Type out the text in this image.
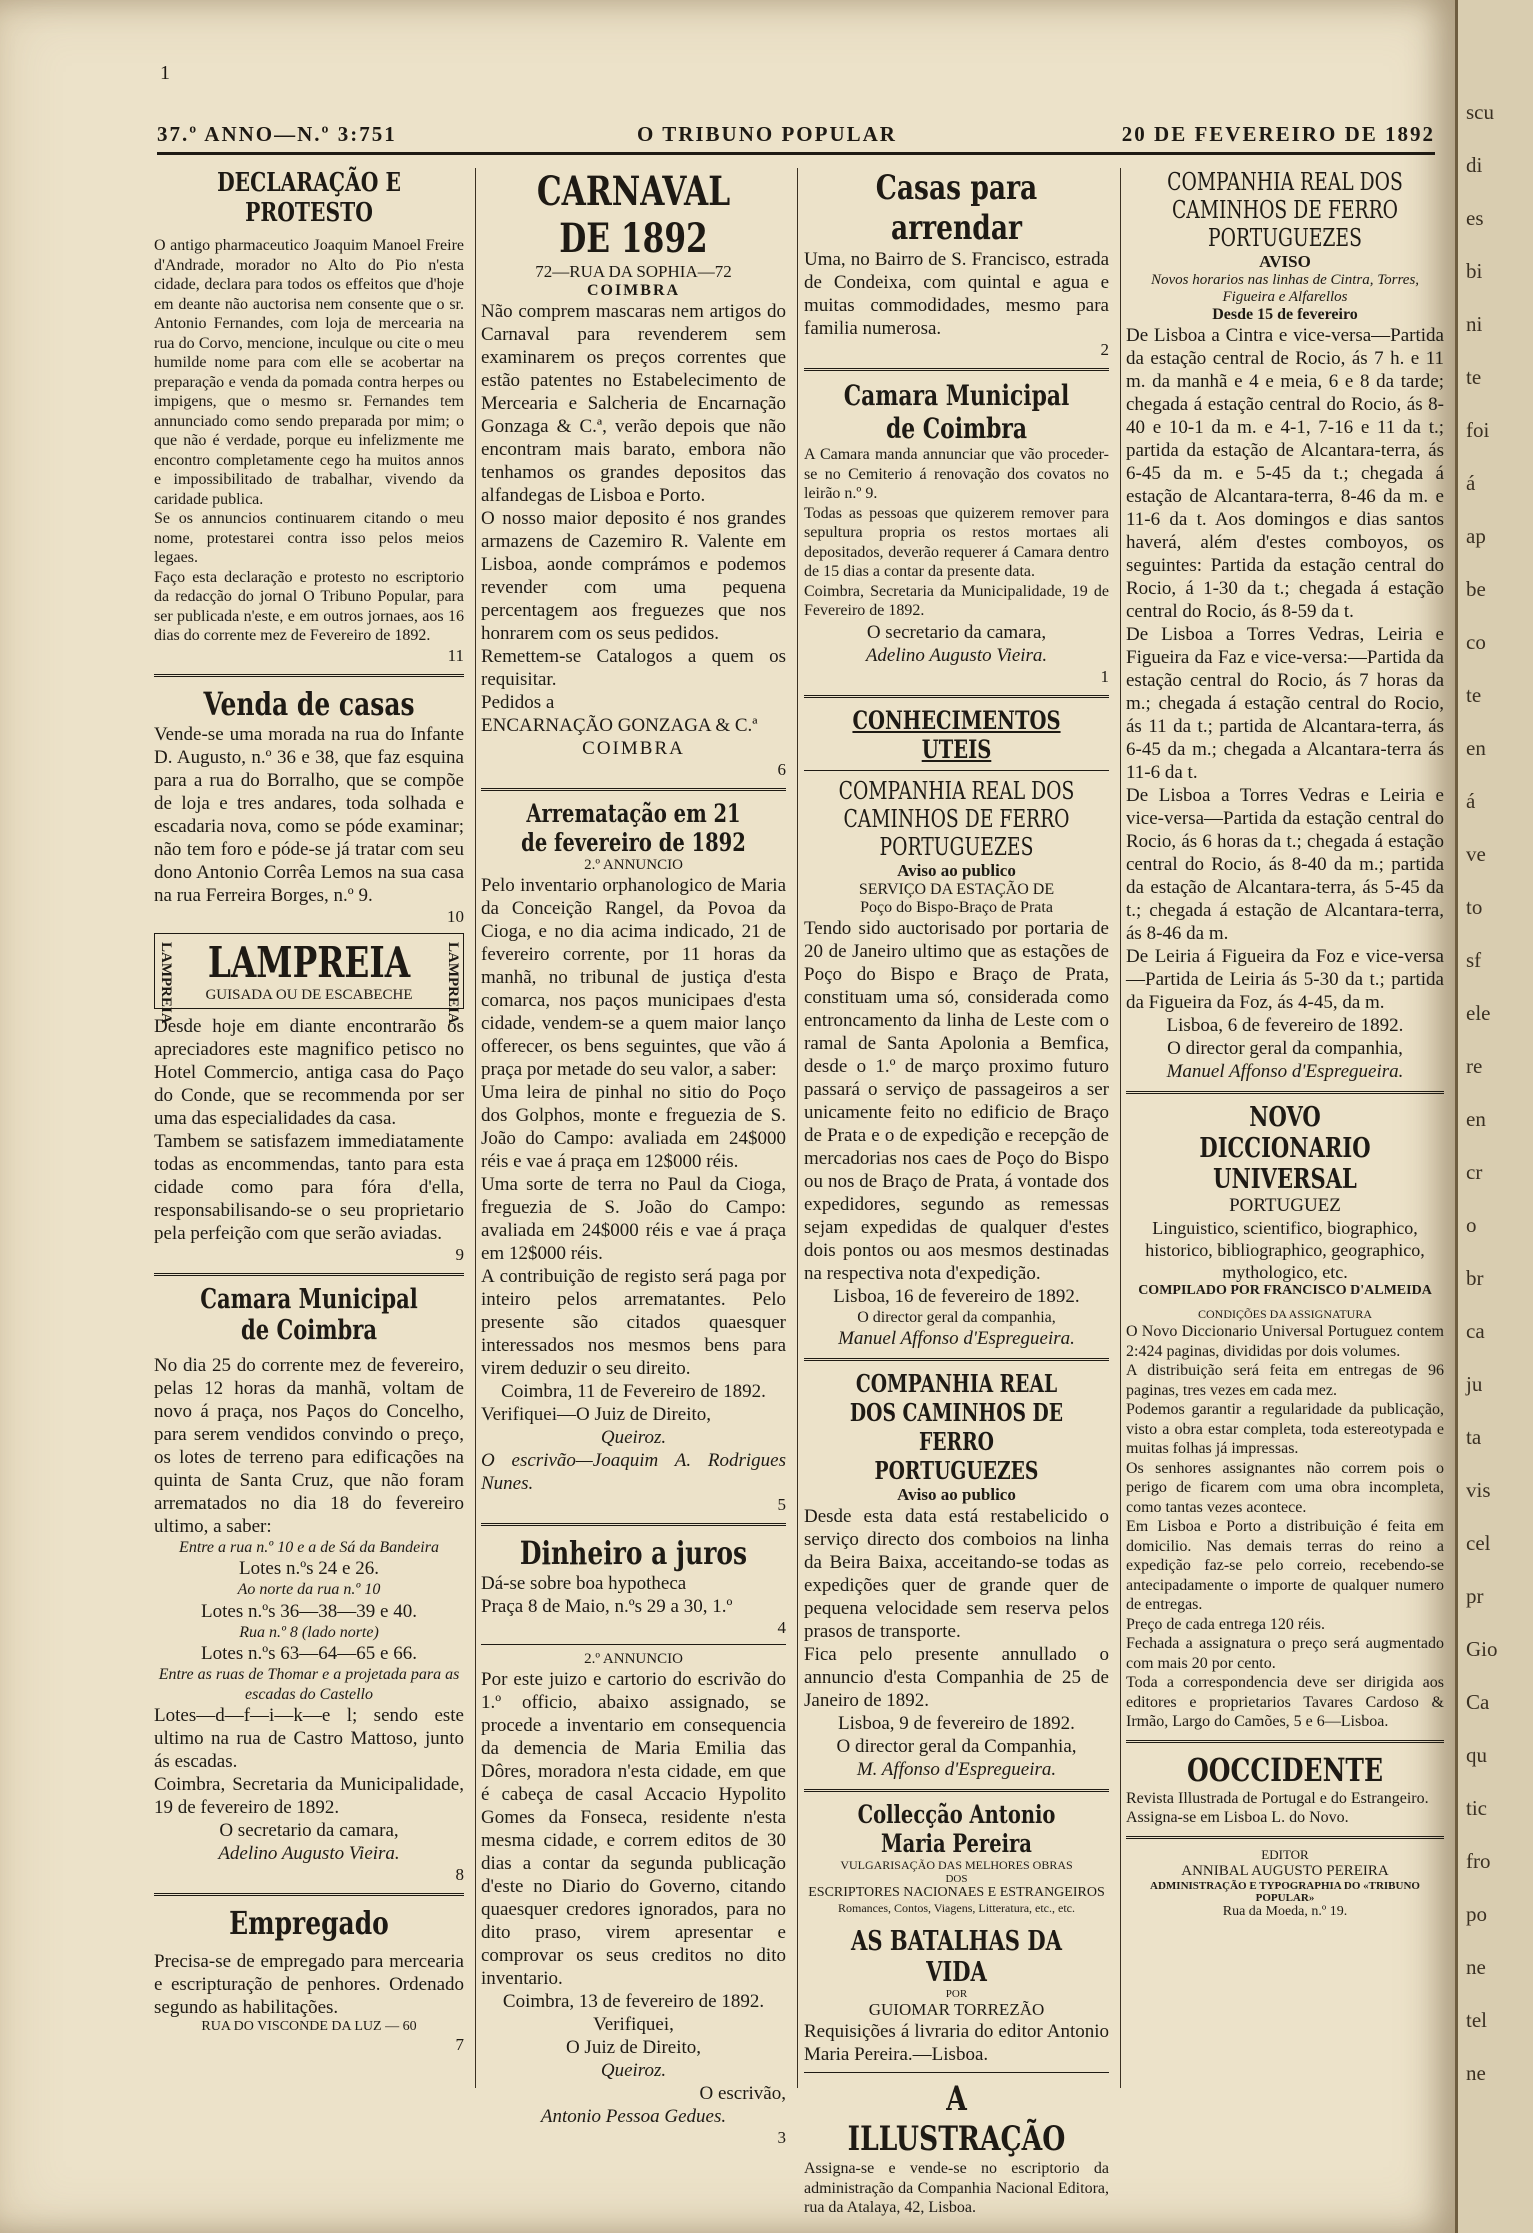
1
37.º ANNO—N.º 3:751	O TRIBUNO POPULAR	20 DE FEVEREIRO DE 1892
DECLARAÇÃO E PROTESTO

O antigo pharmaceutico Joaquim Manoel Freire d'Andrade, morador no Alto do Pio n'esta cidade, declara para todos os effeitos que d'hoje em deante não auctorisa nem consente que o sr. Antonio Fernandes, com loja de mercearia na rua do Corvo, mencione, inculque ou cite o meu humilde nome para com elle se acobertar na preparação e venda da pomada contra herpes ou impigens, que o mesmo sr. Fernandes tem annunciado como sendo preparada por mim; o que não é verdade, porque eu infelizmente me encontro completamente cego ha muitos annos e impossibilitado de trabalhar, vivendo da caridade publica.

Se os annuncios continuarem citando o meu nome, protestarei contra isso pelos meios legaes.

Faço esta declaração e protesto no escriptorio da redacção do jornal O Tribuno Popular, para ser publicada n'este, e em outros jornaes, aos 16 dias do corrente mez de Fevereiro de 1892.

11

Venda de casas

Vende-se uma morada na rua do Infante D. Augusto, n.º 36 e 38, que faz esquina para a rua do Borralho, que se compõe de loja e tres andares, toda solhada e escadaria nova, como se póde examinar; não tem foro e póde-se já tratar com seu dono Antonio Corrêa Lemos na sua casa na rua Ferreira Borges, n.º 9.

10

LAMPREIA	LAMPREIA
LAMPREIA

GUISADA OU DE ESCABECHE

Desde hoje em diante encontrarão os apreciadores este magnifico petisco no Hotel Commercio, antiga casa do Paço do Conde, que se recommenda por ser uma das especialidades da casa.

Tambem se satisfazem immediatamente todas as encommendas, tanto para esta cidade como para fóra d'ella, responsabilisando-se o seu proprietario pela perfeição com que serão aviadas.

9

Camara Municipal de Coimbra

No dia 25 do corrente mez de fevereiro, pelas 12 horas da manhã, voltam de novo á praça, nos Paços do Concelho, para serem vendidos convindo o preço, os lotes de terreno para edificações na quinta de Santa Cruz, que não foram arrematados no dia 18 do fevereiro ultimo, a saber:

Entre a rua n.º 10 e a de Sá da Bandeira

Lotes n.ºs 24 e 26.

Ao norte da rua n.º 10

Lotes n.ºs 36—38—39 e 40.

Rua n.º 8 (lado norte)

Lotes n.ºs 63—64—65 e 66.

Entre as ruas de Thomar e a projetada para as escadas do Castello

Lotes—d—f—i—k—e l; sendo este ultimo na rua de Castro Mattoso, junto ás escadas.

Coimbra, Secretaria da Municipalidade, 19 de fevereiro de 1892.

O secretario da camara,

Adelino Augusto Vieira.

8

Empregado

Precisa-se de empregado para mercearia e escripturação de penhores. Ordenado segundo as habilitações.

RUA DO VISCONDE DA LUZ — 60

7

CARNAVAL DE 1892

72—RUA DA SOPHIA—72

COIMBRA

Não comprem mascaras nem artigos do Carnaval para revenderem sem examinarem os preços correntes que estão patentes no Estabelecimento de Mercearia e Salcheria de Encarnação Gonzaga & C.ª, verão depois que não encontram mais barato, embora não tenhamos os grandes depositos das alfandegas de Lisboa e Porto.

O nosso maior deposito é nos grandes armazens de Cazemiro R. Valente em Lisboa, aonde comprámos e podemos revender com uma pequena percentagem aos freguezes que nos honrarem com os seus pedidos.

Remettem-se Catalogos a quem os requisitar.

Pedidos a

ENCARNAÇÃO GONZAGA & C.ª

COIMBRA

6

Arrematação em 21 de fevereiro de 1892

2.º ANNUNCIO

Pelo inventario orphanologico de Maria da Conceição Rangel, da Povoa da Cioga, e no dia acima indicado, 21 de fevereiro corrente, por 11 horas da manhã, no tribunal de justiça d'esta comarca, nos paços municipaes d'esta cidade, vendem-se a quem maior lanço offerecer, os bens seguintes, que vão á praça por metade do seu valor, a saber:

Uma leira de pinhal no sitio do Poço dos Golphos, monte e freguezia de S. João do Campo: avaliada em 24$000 réis e vae á praça em 12$000 réis.

Uma sorte de terra no Paul da Cioga, freguezia de S. João do Campo: avaliada em 24$000 réis e vae á praça em 12$000 réis.

A contribuição de registo será paga por inteiro pelos arrematantes. Pelo presente são citados quaesquer interessados nos mesmos bens para virem deduzir o seu direito.

Coimbra, 11 de Fevereiro de 1892.

Verifiquei—O Juiz de Direito,

Queiroz.

O escrivão—Joaquim A. Rodrigues Nunes.

5

Dinheiro a juros

Dá-se sobre boa hypotheca

Praça 8 de Maio, n.ºs 29 a 30, 1.º

4

2.º ANNUNCIO

Por este juizo e cartorio do escrivão do 1.º officio, abaixo assignado, se procede a inventario em consequencia da demencia de Maria Emilia das Dôres, moradora n'esta cidade, em que é cabeça de casal Accacio Hypolito Gomes da Fonseca, residente n'esta mesma cidade, e correm editos de 30 dias a contar da segunda publicação d'este no Diario do Governo, citando quaesquer credores ignorados, para no dito praso, virem apresentar e comprovar os seus creditos no dito inventario.

Coimbra, 13 de fevereiro de 1892.

Verifiquei,

O Juiz de Direito,

Queiroz.

O escrivão,

Antonio Pessoa Gedues.

3

Casas para arrendar

Uma, no Bairro de S. Francisco, estrada de Condeixa, com quintal e agua e muitas commodidades, mesmo para familia numerosa.

2

Camara Municipal de Coimbra

A Camara manda annunciar que vão proceder-se no Cemiterio á renovação dos covatos no leirão n.º 9.

Todas as pessoas que quizerem remover para sepultura propria os restos mortaes ali depositados, deverão requerer á Camara dentro de 15 dias a contar da presente data.

Coimbra, Secretaria da Municipalidade, 19 de Fevereiro de 1892.

O secretario da camara,

Adelino Augusto Vieira.

1

CONHECIMENTOS UTEIS
COMPANHIA REAL DOS CAMINHOS DE FERRO PORTUGUEZES

Aviso ao publico

SERVIÇO DA ESTAÇÃO DE

Poço do Bispo-Braço de Prata

Tendo sido auctorisado por portaria de 20 de Janeiro ultimo que as estações de Poço do Bispo e Braço de Prata, constituam uma só, considerada como entroncamento da linha de Leste com o ramal de Santa Apolonia a Bemfica, desde o 1.º de março proximo futuro passará o serviço de passageiros a ser unicamente feito no edificio de Braço de Prata e o de expedição e recepção de mercadorias nos caes de Poço do Bispo ou nos de Braço de Prata, á vontade dos expedidores, segundo as remessas sejam expedidas de qualquer d'estes dois pontos ou aos mesmos destinadas na respectiva nota d'expedição.

Lisboa, 16 de fevereiro de 1892.

O director geral da companhia,

Manuel Affonso d'Espregueira.

COMPANHIA REAL DOS CAMINHOS DE FERRO PORTUGUEZES

Aviso ao publico

Desde esta data está restabelicido o serviço directo dos comboios na linha da Beira Baixa, acceitando-se todas as expedições quer de grande quer de pequena velocidade sem reserva pelos prasos de transporte.

Fica pelo presente annullado o annuncio d'esta Companhia de 25 de Janeiro de 1892.

Lisboa, 9 de fevereiro de 1892.

O director geral da Companhia,

M. Affonso d'Espregueira.

Collecção Antonio Maria Pereira

VULGARISAÇÃO DAS MELHORES OBRAS

DOS

ESCRIPTORES NACIONAES E ESTRANGEIROS

Romances, Contos, Viagens, Litteratura, etc., etc.

AS BATALHAS DA VIDA

POR

GUIOMAR TORREZÃO

Requisições á livraria do editor Antonio Maria Pereira.—Lisboa.

A ILLUSTRAÇÃO

Assigna-se e vende-se no escriptorio da administração da Companhia Nacional Editora, rua da Atalaya, 42, Lisboa.

COMPANHIA REAL DOS CAMINHOS DE FERRO PORTUGUEZES

AVISO

Novos horarios nas linhas de Cintra, Torres, Figueira e Alfarellos

Desde 15 de fevereiro

De Lisboa a Cintra e vice-versa—Partida da estação central de Rocio, ás 7 h. e 11 m. da manhã e 4 e meia, 6 e 8 da tarde; chegada á estação central do Rocio, ás 8-40 e 10-1 da m. e 4-1, 7-16 e 11 da t.; partida da estação de Alcantara-terra, ás 6-45 da m. e 5-45 da t.; chegada á estação de Alcantara-terra, 8-46 da m. e 11-6 da t. Aos domingos e dias santos haverá, além d'estes comboyos, os seguintes: Partida da estação central do Rocio, á 1-30 da t.; chegada á estação central do Rocio, ás 8-59 da t.

De Lisboa a Torres Vedras, Leiria e Figueira da Faz e vice-versa:—Partida da estação central do Rocio, ás 7 horas da m.; chegada á estação central do Rocio, ás 11 da t.; partida de Alcantara-terra, ás 6-45 da m.; chegada a Alcantara-terra ás 11-6 da t.

De Lisboa a Torres Vedras e Leiria e vice-versa—Partida da estação central do Rocio, ás 6 horas da t.; chegada á estação central do Rocio, ás 8-40 da m.; partida da estação de Alcantara-terra, ás 5-45 da t.; chegada á estação de Alcantara-terra, ás 8-46 da m.

De Leiria á Figueira da Foz e vice-versa—Partida de Leiria ás 5-30 da t.; partida da Figueira da Foz, ás 4-45, da m.

Lisboa, 6 de fevereiro de 1892.

O director geral da companhia,

Manuel Affonso d'Espregueira.

NOVO DICCIONARIO UNIVERSAL

PORTUGUEZ

Linguistico, scientifico, biographico, historico, bibliographico, geographico, mythologico, etc.

COMPILADO POR FRANCISCO D'ALMEIDA

CONDIÇÕES DA ASSIGNATURA

O Novo Diccionario Universal Portuguez contem 2:424 paginas, divididas por dois volumes.

A distribuição será feita em entregas de 96 paginas, tres vezes em cada mez.

Podemos garantir a regularidade da publicação, visto a obra estar completa, toda estereotypada e muitas folhas já impressas.

Os senhores assignantes não correm pois o perigo de ficarem com uma obra incompleta, como tantas vezes acontece.

Em Lisboa e Porto a distribuição é feita em domicilio. Nas demais terras do reino a expedição faz-se pelo correio, recebendo-se antecipadamente o importe de qualquer numero de entregas.

Preço de cada entrega 120 réis.

Fechada a assignatura o preço será augmentado com mais 20 por cento.

Toda a correspondencia deve ser dirigida aos editores e proprietarios Tavares Cardoso & Irmão, Largo do Camões, 5 e 6—Lisboa.

OOCCIDENTE

Revista Illustrada de Portugal e do Estrangeiro.

Assigna-se em Lisboa L. do Novo.

EDITOR

ANNIBAL AUGUSTO PEREIRA

ADMINISTRAÇÃO E TYPOGRAPHIA DO «TRIBUNO POPULAR»

Rua da Moeda, n.º 19.

scu
di
es
bi
ni
te
foi
á
ap
be
co
te
en
á
ve
to
sf
ele
re
en
cr
o
br
ca
ju
ta
vis
cel
pr
Gio
Ca
qu
tic
fro
po
ne
tel
ne
